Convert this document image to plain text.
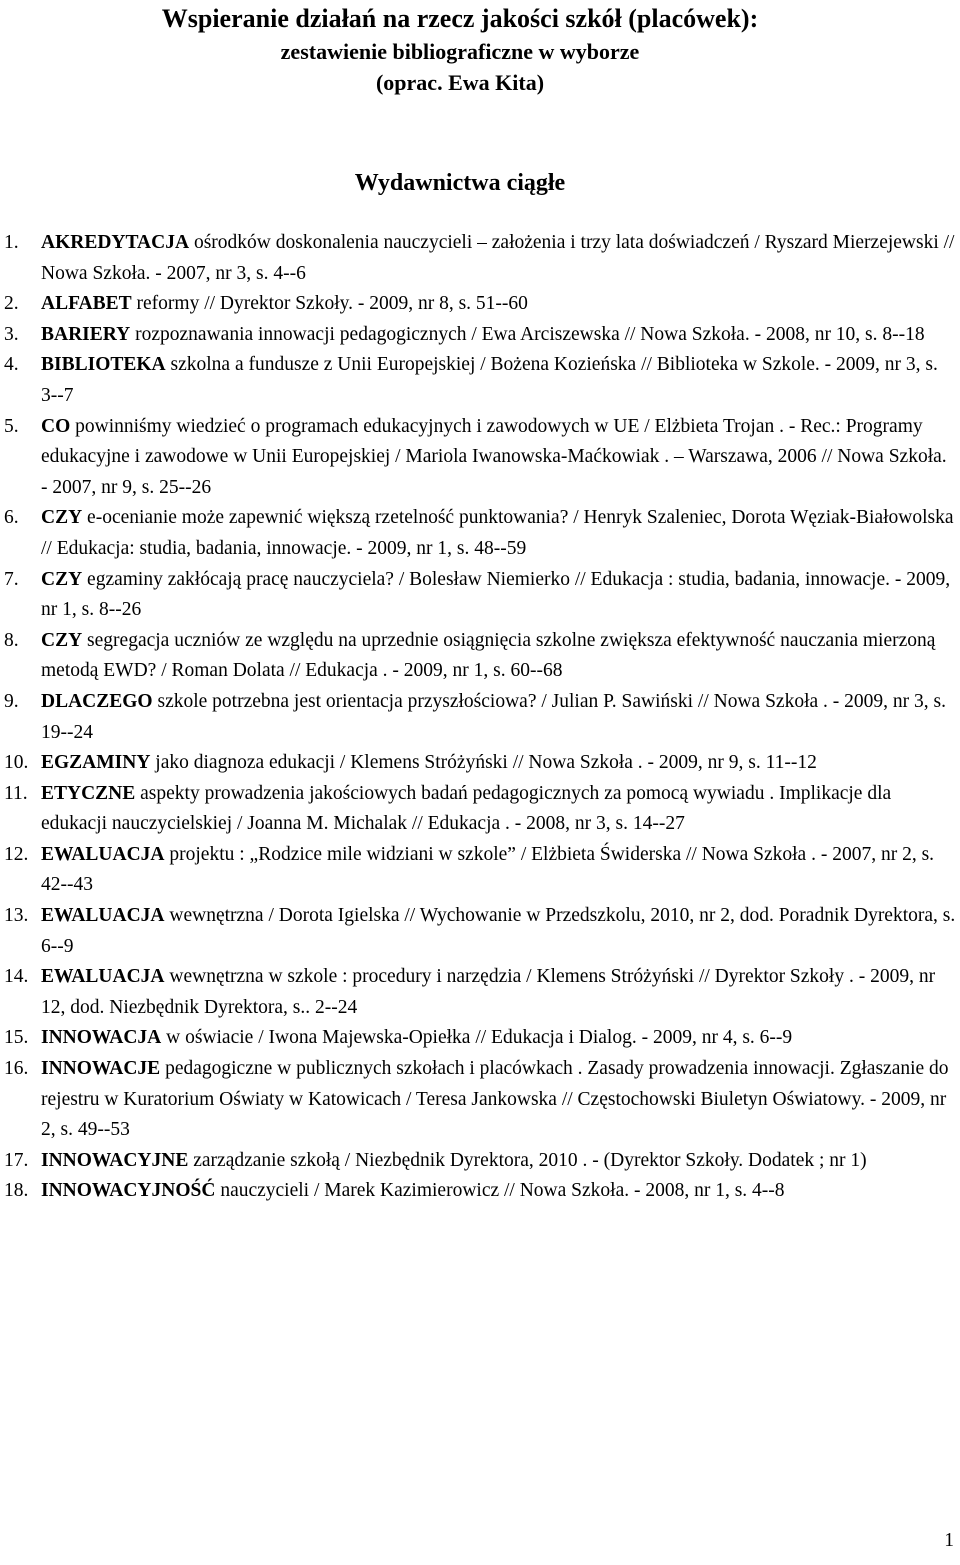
Wspieranie działań na rzecz jakości szkół (placówek):

zestawienie bibliograficzne w wyborze

(oprac. Ewa Kita)

Wydawnictwa ciągłe
1. AKREDYTACJA ośrodków doskonalenia nauczycieli – założenia i trzy lata doświadczeń / Ryszard Mierzejewski // Nowa Szkoła. - 2007, nr 3, s. 4--6
2. ALFABET reformy // Dyrektor Szkoły. - 2009, nr 8, s. 51--60
3. BARIERY rozpoznawania innowacji pedagogicznych / Ewa Arciszewska // Nowa Szkoła. - 2008, nr 10, s. 8--18
4. BIBLIOTEKA szkolna a fundusze z Unii Europejskiej / Bożena Kozieńska // Biblioteka w Szkole. - 2009, nr 3, s. 3--7
5. CO powinniśmy wiedzieć o programach edukacyjnych i zawodowych w UE / Elżbieta Trojan . - Rec.: Programy edukacyjne i zawodowe w Unii Europejskiej / Mariola Iwanowska-Maćkowiak . – Warszawa, 2006 // Nowa Szkoła. - 2007, nr 9, s. 25--26
6. CZY e-ocenianie może zapewnić większą rzetelność punktowania? / Henryk Szaleniec, Dorota Węziak-Białowolska // Edukacja: studia, badania, innowacje. - 2009, nr 1, s. 48--59
7. CZY egzaminy zakłócają pracę nauczyciela? / Bolesław Niemierko // Edukacja : studia, badania, innowacje. - 2009, nr 1, s. 8--26
8. CZY segregacja uczniów ze względu na uprzednie osiągnięcia szkolne zwiększa efektywność nauczania mierzoną metodą EWD? / Roman Dolata // Edukacja . - 2009, nr 1, s. 60--68
9. DLACZEGO szkole potrzebna jest orientacja przyszłościowa? / Julian P. Sawiński // Nowa Szkoła . - 2009, nr 3, s. 19--24
10. EGZAMINY jako diagnoza edukacji / Klemens Stróżyński // Nowa Szkoła . - 2009, nr 9, s. 11--12
11. ETYCZNE aspekty prowadzenia jakościowych badań pedagogicznych za pomocą wywiadu . Implikacje dla edukacji nauczycielskiej / Joanna M. Michalak // Edukacja . - 2008, nr 3, s. 14--27
12. EWALUACJA projektu : „Rodzice mile widziani w szkole” / Elżbieta Świderska // Nowa Szkoła . - 2007, nr 2, s. 42--43
13. EWALUACJA wewnętrzna / Dorota Igielska // Wychowanie w Przedszkolu, 2010, nr 2, dod. Poradnik Dyrektora, s. 6--9
14. EWALUACJA wewnętrzna w szkole : procedury i narzędzia / Klemens Stróżyński // Dyrektor Szkoły . - 2009, nr 12, dod. Niezbędnik Dyrektora, s.. 2--24
15. INNOWACJA w oświacie / Iwona Majewska-Opiełka // Edukacja i Dialog. - 2009, nr 4, s. 6--9
16. INNOWACJE pedagogiczne w publicznych szkołach i placówkach . Zasady prowadzenia innowacji. Zgłaszanie do rejestru w Kuratorium Oświaty w Katowicach / Teresa Jankowska // Częstochowski Biuletyn Oświatowy. - 2009, nr 2, s. 49--53
17. INNOWACYJNE zarządzanie szkołą / Niezbędnik Dyrektora, 2010 . - (Dyrektor Szkoły. Dodatek ; nr 1)
18. INNOWACYJNOŚĆ nauczycieli / Marek Kazimierowicz // Nowa Szkoła. - 2008, nr 1, s. 4--8
1
